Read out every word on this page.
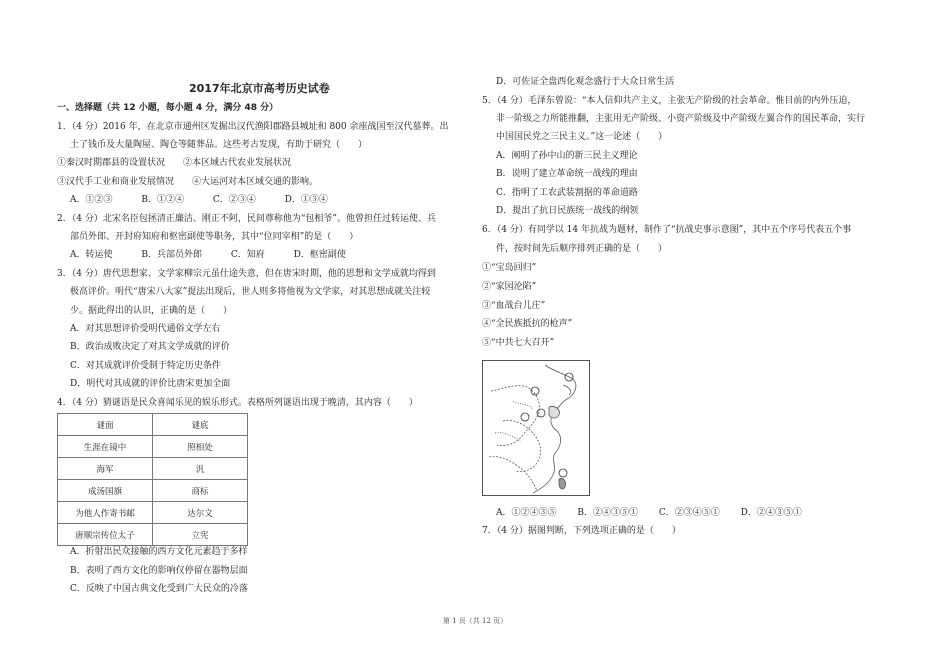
2017年北京市高考历史试卷
一、选择题（共 12 小题，每小题 4 分，满分 48 分）
1．（4 分）2016 年，在北京市通州区发掘出汉代渔阳郡路县城址和 800 余座战国至汉代墓葬。出
土了钱币及大量陶屋、陶仓等随葬品。这些考古发现，有助于研究（　　）
①秦汉时期郡县的设置状况　　②本区域古代农业发展状况
③汉代手工业和商业发展情况　　④大运河对本区域交通的影响。
A．①②③	B．①②④	C．②③④	D．①③④
2．（4 分）北宋名臣包拯清正廉洁、刚正不阿，民间尊称他为“包相爷”。他曾担任过转运使、兵
部员外郎、开封府知府和枢密副使等职务，其中“位同宰相”的是（　　）
A．转运使	B．兵部员外郎	C．知府	D．枢密副使
3．（4 分）唐代思想家、文学家柳宗元虽仕途失意，但在唐宋时期，他的思想和文学成就均得到
极高评价。明代“唐宋八大家”提法出现后，世人则多将他视为文学家，对其思想成就关注较
少。据此得出的认识，正确的是（　　）
A．对其思想评价受明代通俗文学左右
B．政治成败决定了对其文学成就的评价
C．对其成就评价受制于特定历史条件
D．明代对其成就的评价比唐宋更加全面
4．（4 分）猜谜语是民众喜闻乐见的娱乐形式。表格所列谜语出现于晚清，其内容（　　）
谜面	谜底
生涯在镜中	照相处
海军	汎
成汤国旗	商标
为他人作寄书邮	达尔文
唐顺宗传位太子	立宪
A．折射出民众接触的西方文化元素趋于多样
B．表明了西方文化的影响仅停留在器物层面
C．反映了中国古典文化受到广大民众的冷落
D．可佐证全盘西化观念盛行于大众日常生活
5．（4 分）毛泽东曾说：“本人信仰共产主义，主张无产阶级的社会革命。惟目前的内外压迫，
非一阶级之力所能推翻，主张用无产阶级、小资产阶级及中产阶级左翼合作的国民革命，实行
中国国民党之三民主义。”这一论述（　　）
A．阐明了孙中山的新三民主义理论
B．说明了建立革命统一战线的理由
C．指明了工农武装割据的革命道路
D．提出了抗日民族统一战线的纲领
6．（4 分）有同学以 14 年抗战为题材，制作了“抗战史事示意图”，其中五个序号代表五个事
件，按时间先后顺序排列正确的是（　　）
①“宝岛回归”
②“家园沦陷”
③“血战台儿庄”
④“全民族抵抗的枪声”
⑤“中共七大召开”
A．①②④③⑤ B．②④③⑤① C．②③④⑤① D．②④③⑤①
7．（4 分）据图判断，下列选项正确的是（　　）
第 1 页（共 12 页）
